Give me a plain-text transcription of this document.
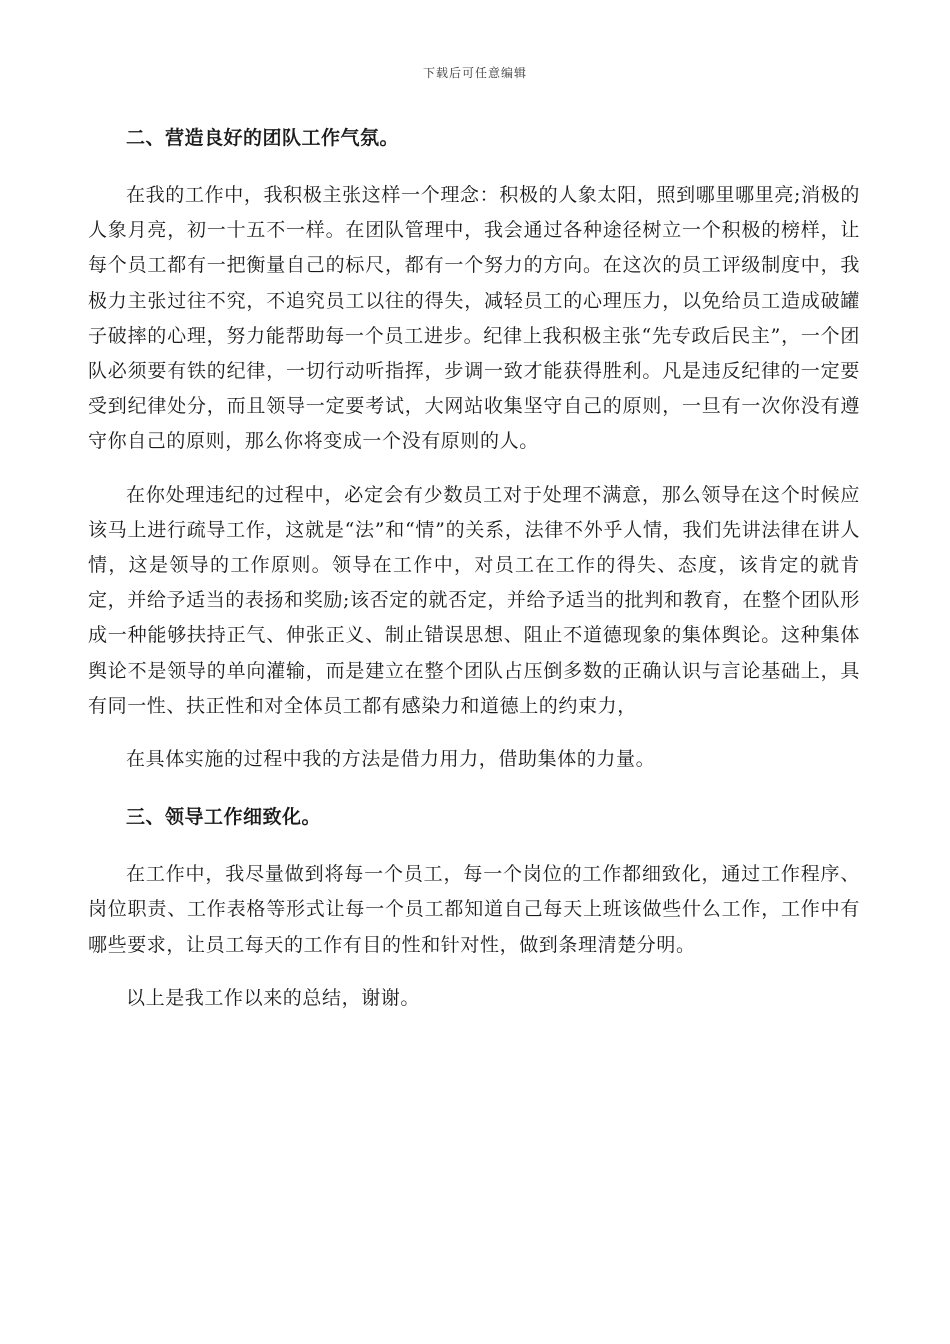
下载后可任意编辑

二、营造良好的团队工作气氛。

在我的工作中，我积极主张这样一个理念：积极的人象太阳，照到哪里哪里亮;消极的人象月亮，初一十五不一样。在团队管理中，我会通过各种途径树立一个积极的榜样，让每个员工都有一把衡量自己的标尺，都有一个努力的方向。在这次的员工评级制度中，我极力主张过往不究，不追究员工以往的得失，减轻员工的心理压力，以免给员工造成破罐子破摔的心理，努力能帮助每一个员工进步。纪律上我积极主张“先专政后民主”，一个团队必须要有铁的纪律，一切行动听指挥，步调一致才能获得胜利。凡是违反纪律的一定要受到纪律处分，而且领导一定要考试，大网站收集坚守自己的原则，一旦有一次你没有遵守你自己的原则，那么你将变成一个没有原则的人。

在你处理违纪的过程中，必定会有少数员工对于处理不满意，那么领导在这个时候应该马上进行疏导工作，这就是“法”和“情”的关系，法律不外乎人情，我们先讲法律在讲人情，这是领导的工作原则。领导在工作中，对员工在工作的得失、态度，该肯定的就肯定，并给予适当的表扬和奖励;该否定的就否定，并给予适当的批判和教育，在整个团队形成一种能够扶持正气、伸张正义、制止错误思想、阻止不道德现象的集体舆论。这种集体舆论不是领导的单向灌输，而是建立在整个团队占压倒多数的正确认识与言论基础上，具有同一性、扶正性和对全体员工都有感染力和道德上的约束力，

在具体实施的过程中我的方法是借力用力，借助集体的力量。

三、领导工作细致化。

在工作中，我尽量做到将每一个员工，每一个岗位的工作都细致化，通过工作程序、岗位职责、工作表格等形式让每一个员工都知道自己每天上班该做些什么工作，工作中有哪些要求，让员工每天的工作有目的性和针对性，做到条理清楚分明。

以上是我工作以来的总结，谢谢。
